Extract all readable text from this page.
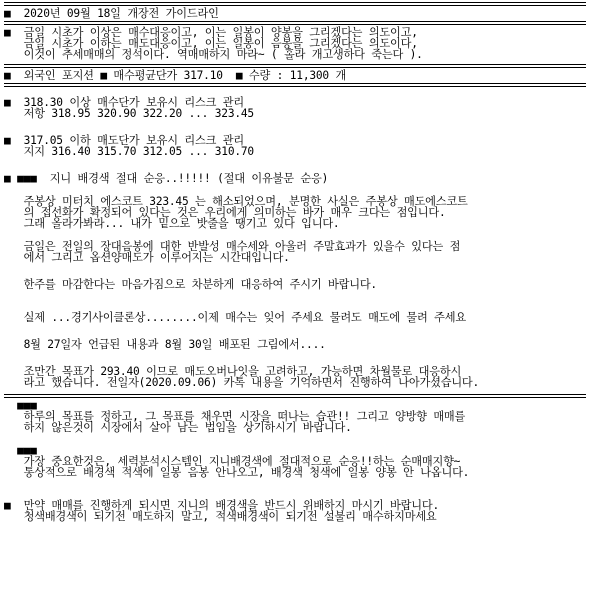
■  2020년 09월 18일 개장전 가이드라인
■  금일 시초가 이상은 매수대응이고, 이는 일봉이 양봉을 그리겠다는 의도이고,
금일 시초가 이하는 매도대응이고, 이는 일봉이 음봉을 그리겠다는 의도이다,
이것이 추세매매의 정석이다. 역매매하지 마라~ ( 홀라 개고생하다 죽는다 ).
■  외국인 포지션 ■ 매수평균단가 317.10  ■ 수량 : 11,300 개
■  318.30 이상 매수단가 보유시 리스크 관리
저항 318.95 320.90 322.20 ... 323.45
■  317.05 이하 매도단가 보유시 리스크 관리
지지 316.40 315.70 312.05 ... 310.70
■ ■■■  지니 배경색 절대 순응..!!!!! (절대 이유불문 순응)
주봉상 미터치 에스코트 323.45 는 해소되었으며, 분명한 사실은 주봉상 매도에스코트
의 접선화가 확정되어 있다는 것은 우리에게 의미하는 바가 매우 크다는 점입니다.
그래 올라가봐라... 내가 밑으로 밧줄을 땡기고 있다 입니다.
금일은 전일의 장대음봉에 대한 반발성 매수세와 아울러 주말효과가 있을수 있다는 점
에서 그리고 옵션양매도가 이루어지는 시간대입니다.
한주를 마감한다는 마음가짐으로 차분하게 대응하여 주시기 바랍니다.
실제 ...경기사이클론상........이제 매수는 잊어 주세요 물려도 매도에 물려 주세요
8월 27일자 언급된 내용과 8월 30일 배포된 그림에서....
조만간 목표가 293.40 이므로 매도오버나잇을 고려하고, 가능하면 차월물로 대응하시
라고 했습니다. 전일자(2020.09.06) 카톡 내용을 기억하면서 진행하여 나아가셨습니다.
■■■
하루의 목표를 정하고, 그 목표를 채우면 시장을 떠나는 습관!! 그리고 양방향 매매를
하지 않은것이 시장에서 살아 남는 법임을 상기하시기 바랍니다.
■■■
가장 중요한것은, 세력분석시스템인 지니배경색에 절대적으로 순응!!하는 순매매지향~
통상적으로 배경색 적색에 일봉 음봉 안나오고, 배경색 청색에 일봉 양봉 안 나옵니다.
■  만약 매매를 진행하게 되시면 지니의 배경색을 반드시 위배하지 마시기 바랍니다.
청색배경색이 되기전 매도하지 말고, 적색배경색이 되기전 설불리 매수하지마세요
